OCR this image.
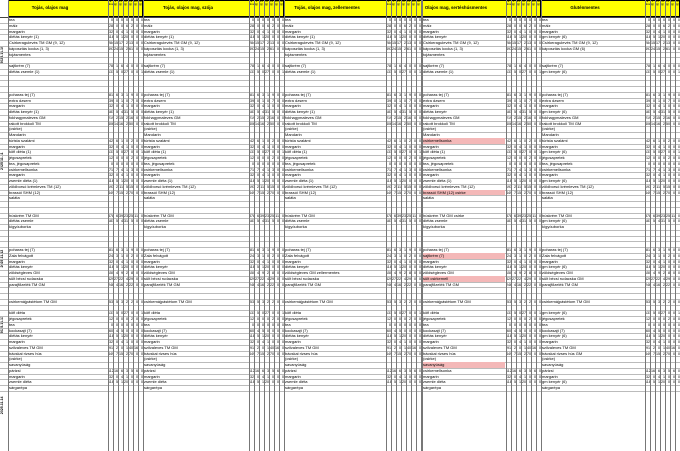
Tojás, olajos mag
E (kcal)
F (g)
Zs (g)
Sz (g)
Cu (g)
Sót (g)
Sű (g)
Tojás, olajos mag, szója
E (kcal)
F (g)
Zs (g)
Sz (g)
Cu (g)
Sót (g)
Sű (g)
Tojás, olajos mag, zellermentes
E (kcal)
F (g)
Zs (g)
Sz (g)
Cu (g)
Sót (g)
Sű (g)
Olajos mag, sertéshúsmentes
E (kcal)
F (g)
Zs (g)
Sz (g)
Cu (g)
Sót (g)
Sű (g)
Gluténmentes
E (kcal)
F (g)
Zs (g)
Sz (g)
Cu (g)
Sót (g)
Sű (g)
2025.11.10
2025.11.11
2025.11.12
2025.11.13
2025.11.14
tea	0 0 0 0 0 0 0 tea	0 0 0 0 0 0 0 tea	0 0 0 0 0 0 0 tea	0 0 0 0 0 0 0 tea	0 0 0 0 0 0 0
málz	28 0 0 6 2 0 0 málz	28 0 0 6 2 0 0 málz	28 0 0 6 2 0 0 málz	28 0 0 6 2 0 0 málz	28 0 0 6 2 0 0
margarin	32 0 4 1 0 0 0 margarin	32 0 4 1 0 0 0 margarin	32 0 4 1 0 0 0 margarin	32 0 4 1 0 0 0 margarin	32 0 4 1 0 0 0
diétás kenyér (1)	118 5 1 20 0 0 0 diétás kenyér (1)	118 5 1 20 0 0 0 diétás kenyér (1)	118 5 1 20 0 0 0 diétás kenyér	118 5 1 20 0 0 0 gm kenyér (6)	118 5 1 20 0 0 0
Csirkeragulevés TM GM (9, 12)	284 15 17 2 13 0 0 Csirkeragulevés TM GM (9, 12)	284 15 17 2 13 0 0 Csirkeragulevés TM GM (9, 12)	284 15 17 2 13 0 0 Csirkeragulevés TM GM (9, 12)	284 15 17 2 13 0 0 Csirkeragulevés TM GM (9, 12)	284 15 17 2 13 0 0
káposztás kocka (1, 3)	497 24 15 2 61 0 0 káposztás kocka (1, 3)	497 24 15 2 61 0 0 káposztás kocka (1, 3)	497 24 15 2 61 0 0 káposztás kocka (1, 3)	497 24 15 2 61 0 0 káposztás kocka GM (6)	497 24 15 2 61 0 0
tojásmentes	tojásmentes	tojásmentes	tojásmentes
sajtkrém (7)	78 1 6 4 0 0 0 sajtkrém (7)	78 1 6 4 0 0 0 sajtkrém (7)	78 1 6 4 0 0 0 sajtkrém (7)	78 1 6 4 0 0 0 sajtkrém (7)	78 1 6 4 0 0 0
diétás zsemle (1)	131 5 0 27 0 0 1 diétás zsemle (1)	131 5 0 27 0 0 1 diétás zsemle (1)	131 5 0 27 0 0 1 diétás zsemle (1)	131 5 0 27 0 0 1 gm kenyér (6)	131 5 0 27 0 0 1
poharas tej (7)	81 6 3 1 9 0 0 poharas tej (7)	81 6 3 1 9 0 0 poharas tej (7)	81 6 3 1 9 0 0 poharas tej (7)	81 6 3 1 9 0 0 poharas tej (7)	81 6 3 1 9 0 0
extra dzsem	39 0 1 0 7 0 0 extra dzsem	39 0 1 0 7 0 0 extra dzsem	39 0 1 0 7 0 0 extra dzsem	39 0 1 0 7 0 0 extra dzsem	39 0 1 0 7 0 0
margarin	32 0 4 1 0 0 0 margarin	32 0 4 1 0 0 0 margarin	32 0 4 1 0 0 0 margarin	32 0 4 1 0 0 0 margarin	32 0 4 1 0 0 0
diétás kenyér (1)	181 5 4 31 5 0 0 diétás kenyér (1)	181 5 4 31 5 0 0 diétás kenyér (1)	181 5 4 31 5 0 0 diétás kenyér	181 5 4 31 5 0 0 gm kenyér (6)	181 5 4 31 5 0 0
fokhagymaleves GM	219 2 15 2 16 0 0 fokhagymaleves GM	219 2 15 2 16 0 0 fokhagymaleves GM	219 2 15 2 16 0 0 fokhagymaleves GM	219 2 15 2 16 0 0 fokhagymaleves GM	219 2 15 2 16 0 0
rakott brokkoli TM	406 14 16 2 50 0 0 rakott brokkoli TM	406 14 16 2 50 0 0 rakott brokkoli TM	406 14 16 2 50 0 0 rakott brokkoli TM	406 14 16 2 50 0 0 rakott brokkoli TM GM	406 14 16 2 50 0 0
(csirke)	(csirke)	(csirke)	(csirke)	(csirke)
Mandarin	Mandarin	Mandarin	Mandarin	Mandarin
túrista szalámi	42 6 1 0 2 0 0 túrista szalámi	42 6 1 0 2 0 0 túrista szalámi	42 6 1 0 2 0 0 csirkemellsonka	42 6 1 0 2 0 0 túrista szalámi	42 6 1 0 2 0 0
margarin	32 0 4 1 0 0 0 margarin	32 0 4 1 0 0 0 margarin	32 0 4 1 0 0 0 margarin	32 0 4 1 0 0 0 margarin	32 0 4 1 0 0 0
köfi diéta (1)	131 5 0 27 0 0 1 köfi diéta (1)	131 5 0 27 0 0 1 köfi diéta (1)	131 5 0 27 0 0 1 köfi diéta (1)	131 5 0 27 0 0 1 gm kenyér (6)	131 5 0 27 0 0 1
jégcsapretek	12 0 0 0 2 0 0 jégcsapretek	12 0 0 0 2 0 0 jégcsapretek	12 0 0 0 2 0 0 jégcsapretek	12 0 0 0 2 0 0 jégcsapretek	12 0 0 0 2 0 0
tea, jégcsapretek	0 0 0 0 0 0 0 tea, jégcsapretek	0 0 0 0 0 0 0 tea, jégcsapretek	0 0 0 0 0 0 0 tea, jégcsapretek	0 0 0 0 0 0 0 tea, jégcsapretek	0 0 0 0 0 0 0
csirkemellsonka	71 7 4 1 3 0 0 csirkemellsonka	71 7 4 1 3 0 0 csirkemellsonka	71 7 4 1 3 0 0 csirkemellsonka	71 7 4 1 3 0 0 csirkemellsonka	71 7 4 1 3 0 0
margarin	32 0 4 1 0 0 0 margarin	32 0 4 1 0 0 0 margarin	32 0 4 1 0 0 0 margarin	32 0 4 1 0 0 0 margarin	32 0 4 1 0 0 0
zsemle diéta (1)	118 5 1 20 0 0 0 zsemle diéta (1)	118 5 1 20 0 0 0 zsemle diéta (1)	118 5 1 20 0 0 0 zsemle diéta (1)	118 5 1 20 0 0 0 gm kenyér (6)	118 5 1 20 0 0 0
zöldborsó krémleves TM (12)	193 2 11 5 15 0 0 zöldborsó krémleves TM (12)	193 2 11 5 15 0 0 zöldborsó krémleves TM (12)	193 2 11 5 15 0 0 zöldborsó krémleves TM (12)	193 2 11 5 15 0 0 zöldborsó krémleves TM (12)	193 2 11 5 15 0 0
brassói SHM (12)	449 7 15 2 70 0 0 brassói SHM (12)	449 7 15 2 70 0 0 brassói SHM (12)	449 7 15 2 70 0 0 brassói SHM (12) csirke	449 7 15 2 70 0 0 brassói SHM (12)	449 7 15 2 70 0 0
saláta	saláta	saláta	saláta	saláta
húskrém TM GM	378 6 39 23 25 11 0 húskrém TM GM	378 6 39 23 25 11 0 húskrém TM GM	378 6 39 23 25 11 0 húskrém TM GM csirke	378 6 39 23 25 11 0 húskrém TM GM	378 6 39 23 25 11 0
diétás zsemle	181 5 4 31 5 0 0 diétás zsemle	181 5 4 31 5 0 0 diétás zsemle	181 5 4 31 5 0 0 diétás zsemle	181 5 4 31 5 0 0 gm kenyér (6)	181 5 4 31 5 0 0
kígyóuborka	kígyóuborka	kígyóuborka	kígyóuborka	kígyóuborka
poharas tej (7)	81 6 3 1 9 0 0 poharas tej (7)	81 6 3 1 9 0 0 poharas tej (7)	81 6 3 1 9 0 0 poharas tej (7)	81 6 3 1 9 0 0 poharas tej (7)	81 6 3 1 9 0 0
Zala felvágott	24 3 1 0 2 0 0 Zala felvágott	24 3 1 0 2 0 0 Zala felvágott	24 3 1 0 2 0 0 sajtkrém (7)	24 3 1 0 2 0 0 Zala felvágott	24 3 1 0 2 0 0
margarin	32 0 4 1 0 0 0 margarin	32 0 4 1 0 0 0 margarin	32 0 4 1 0 0 0 margarin	32 0 4 1 0 0 0 margarin	32 0 4 1 0 0 0
diétás kenyér	118 5 1 20 0 0 0 diétás kenyér	118 5 1 20 0 0 0 diétás kenyér	118 5 1 20 0 0 0 diétás kenyér	118 5 1 20 0 0 0 gm kenyér (6)	118 5 1 20 0 0 0
zöldségleves GM	150 4 9 2 8 0 0 zöldségleves GM	150 4 9 2 8 0 0 zöldségleves GM zellermentes	150 4 9 2 8 0 0 zöldségleves GM	150 4 9 2 8 0 0 zöldségleves GM	150 4 9 2 8 0 0
sült bécsi rudacska	429 27 22 4 29 0 0 sült bécsi rudacska	429 27 22 4 29 0 0 sült bécsi rudacska	429 27 22 4 29 0 0 sült csirkemell	429 27 22 4 29 0 0 sült bécsi rudacska GM	429 27 22 4 29 0 0
parajfőzelék TM GM	246 4 16 2 22 0 0 parajfőzelék TM GM	246 4 16 2 22 0 0 parajfőzelék TM GM	246 4 16 2 22 0 0 parajfőzelék TM GM	246 4 16 2 22 0 0 parajfőzelék TM GM	246 4 16 2 22 0 0
csirkemájpástétom TM GM	53 5 3 2 2 0 0 csirkemájpástétom TM GM	53 5 3 2 2 0 0 csirkemájpástétom TM GM	53 5 3 2 2 0 0 csirkemájpástétom TM GM	53 5 3 2 2 0 0 csirkemájpástétom TM GM	53 5 3 2 2 0 0
köfi diéta	131 5 0 27 0 0 1 köfi diéta	131 5 0 27 0 0 1 köfi diéta	131 5 0 27 0 0 1 köfi diéta	131 5 0 27 0 0 1 gm kenyér (6)	131 5 0 27 0 0 1
jégcsapretek	12 0 0 0 2 0 0 jégcsapretek	12 0 0 0 2 0 0 jégcsapretek	12 0 0 0 2 0 0 jégcsapretek	12 0 0 0 2 0 0 jégcsapretek	12 0 0 0 2 0 0
tea	0 0 0 0 0 0 0 tea	0 0 0 0 0 0 0 tea	0 0 0 0 0 0 0 tea	0 0 0 0 0 0 0 tea	0 0 0 0 0 0 0
kockasajt (7)	60 4 5 0 0 0 0 kockasajt (7)	60 4 5 0 0 0 0 kockasajt (7)	60 4 5 0 0 0 0 kockasajt (7)	60 4 5 0 0 0 0 kockasajt (7)	60 4 5 0 0 0 0
diétás kenyér	118 5 1 20 0 0 0 diétás kenyér	118 5 1 20 0 0 0 diétás kenyér	118 5 1 20 0 0 0 diétás kenyér	118 5 1 20 0 0 0 gm kenyér (6)	118 5 1 20 0 0 0
margarin	32 0 4 1 0 0 0 margarin	32 0 4 1 0 0 0 margarin	32 0 4 1 0 0 0 margarin	32 0 4 1 0 0 0 margarin	32 0 4 1 0 0 0
szilvaleves TM GM	91 2 0 1 40 16 0 szilvaleves TM GM	91 2 0 1 40 16 0 szilvaleves TM GM	91 2 0 1 40 16 0 szilvaleves TM GM	91 2 0 1 40 16 0 szilvaleves TM GM	91 2 0 1 40 16 0
bácskai rizses hús	449 7 15 2 70 0 0 bácskai rizses hús	449 7 15 2 70 0 0 bácskai rizses hús	449 7 15 2 70 0 0 bácskai rizses hús	449 7 15 2 70 0 0 bácskai rizses hús GM	449 7 15 2 70 0 0
(csirke)	(csirke)	(csirke)	(csirke)	(csirke)
savanyúság	savanyúság	savanyúság	savanyúság	savanyúság
párizsi	112 16 6 3 5 6 0 párizsi	112 16 6 3 5 6 0 párizsi	112 16 6 3 5 6 0 csirkemellsonka	112 16 6 3 5 6 0 párizsi	112 16 6 3 5 6 0
margarin	32 0 4 1 0 0 0 margarin	32 0 4 1 0 0 0 margarin	32 0 4 1 0 0 0 margarin	32 0 4 1 0 0 0 margarin	32 0 4 1 0 0 0
zsemle diéta	118 5 1 20 0 0 0 zsemle diéta	118 5 1 20 0 0 0 zsemle diéta	118 5 1 20 0 0 0 zsemle diéta	118 5 1 20 0 0 0 gm kenyér (6)	118 5 1 20 0 0 0
sárgarépa	sárgarépa	sárgarépa	sárgarépa	sárgarépa
